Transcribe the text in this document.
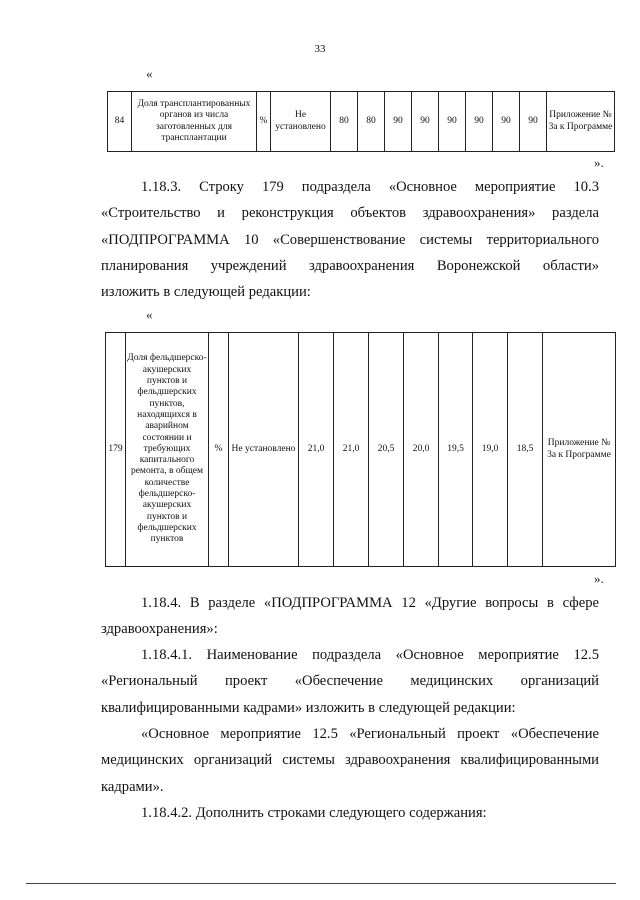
33
«
84	Доля трансплантированных органов из числа заготовленных для трансплантации	%	Не установлено	80	80	90	90	90	90	90	90	Приложение № 3а к Программе
».
1.18.3. Строку 179 подраздела «Основное мероприятие 10.3
«Строительство и реконструкция объектов здравоохранения» раздела
«ПОДПРОГРАММА 10 «Совершенствование системы территориального
планирования учреждений здравоохранения Воронежской области»
изложить в следующей редакции:
«
179	Доля фельдшерско-акушерских пунктов и фельдшерских пунктов, находящихся в аварийном состоянии и требующих капитального ремонта, в общем количестве фельдшерско-акушерских пунктов и фельдшерских пунктов	%	Не установлено	21,0	21,0	20,5	20,0	19,5	19,0	18,5	Приложение № 3а к Программе
».
1.18.4. В разделе «ПОДПРОГРАММА 12 «Другие вопросы в сфере
здравоохранения»:
1.18.4.1. Наименование подраздела «Основное мероприятие 12.5
«Региональный проект «Обеспечение медицинских организаций
квалифицированными кадрами» изложить в следующей редакции:
«Основное мероприятие 12.5 «Региональный проект «Обеспечение
медицинских организаций системы здравоохранения квалифицированными
кадрами».
1.18.4.2. Дополнить строками следующего содержания:
